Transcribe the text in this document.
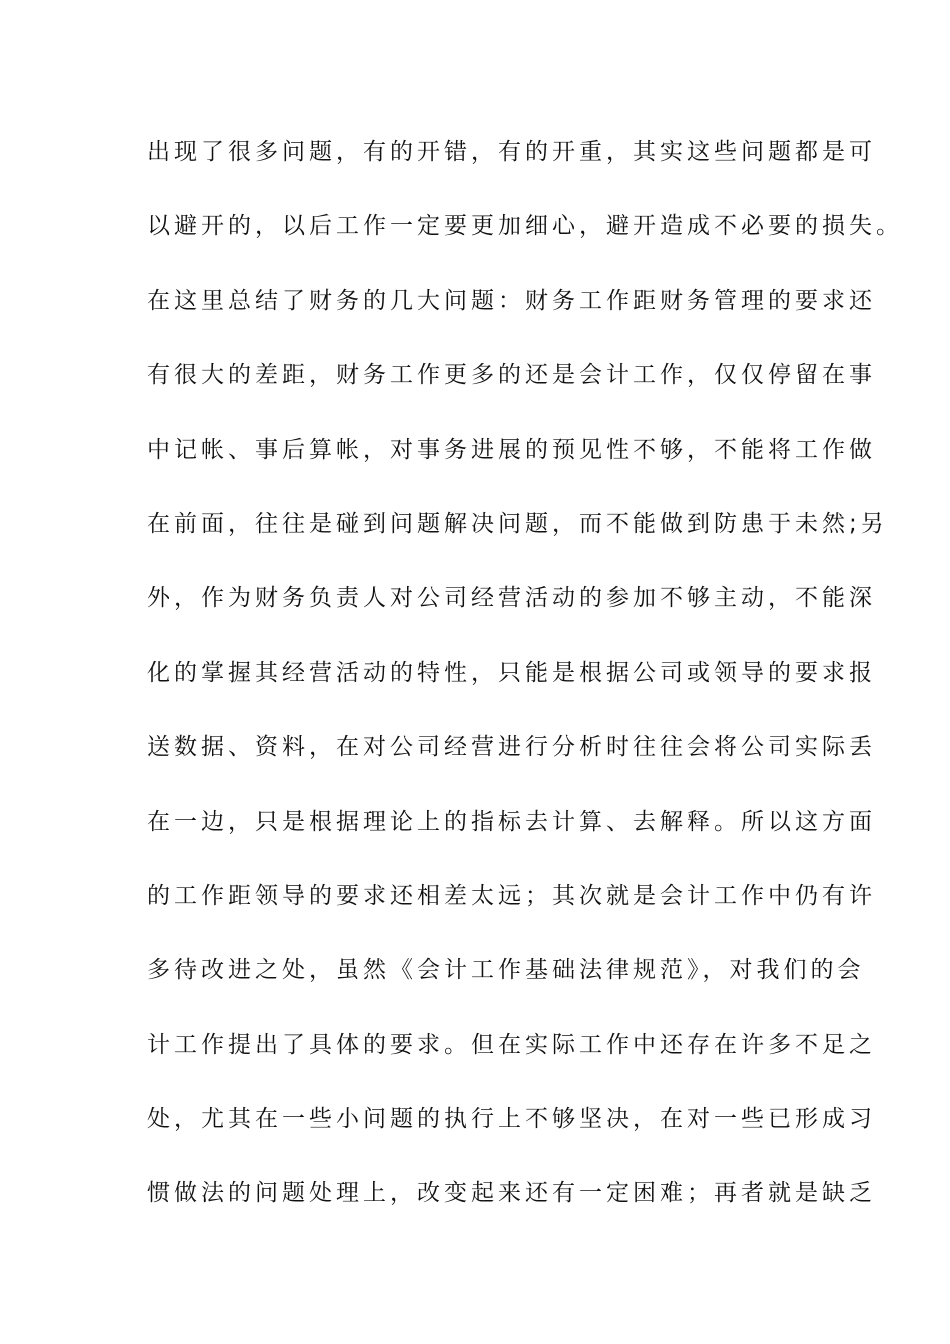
出现了很多问题，有的开错，有的开重，其实这些问题都是可
以避开的，以后工作一定要更加细心，避开造成不必要的损失。
在这里总结了财务的几大问题：财务工作距财务管理的要求还
有很大的差距，财务工作更多的还是会计工作，仅仅停留在事
中记帐、事后算帐，对事务进展的预见性不够，不能将工作做
在前面，往往是碰到问题解决问题，而不能做到防患于未然;另
外，作为财务负责人对公司经营活动的参加不够主动，不能深
化的掌握其经营活动的特性，只能是根据公司或领导的要求报
送数据、资料，在对公司经营进行分析时往往会将公司实际丢
在一边，只是根据理论上的指标去计算、去解释。所以这方面
的工作距领导的要求还相差太远；其次就是会计工作中仍有许
多待改进之处，虽然《会计工作基础法律规范》，对我们的会
计工作提出了具体的要求。但在实际工作中还存在许多不足之
处，尤其在一些小问题的执行上不够坚决，在对一些已形成习
惯做法的问题处理上，改变起来还有一定困难；再者就是缺乏
